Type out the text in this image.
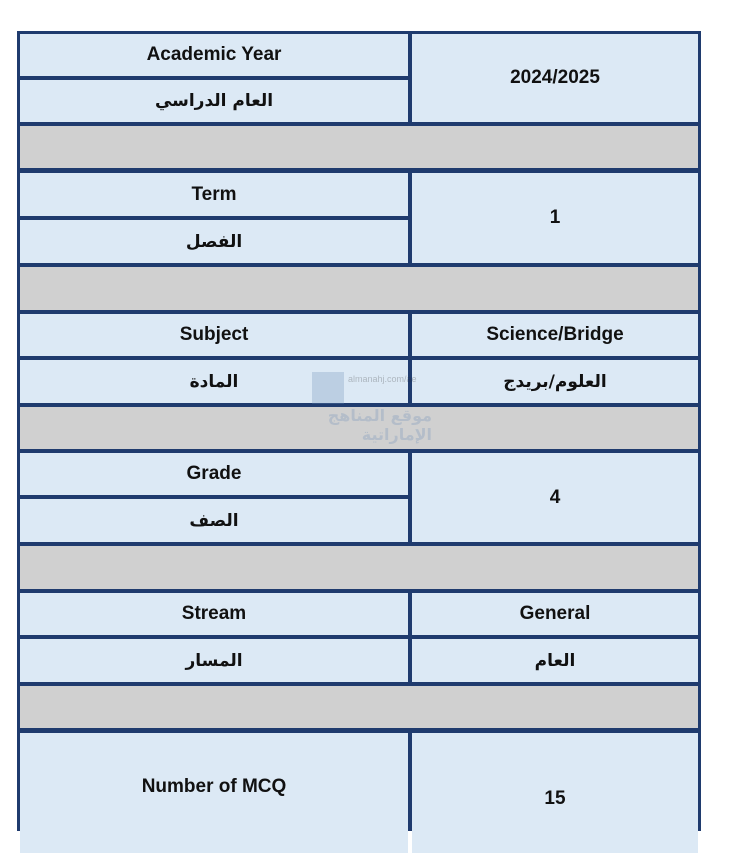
Academic Year
العام الدراسي
2024/2025
Term
الفصل
1
Subject
المادة
Science/Bridge
العلوم/بريدج
Grade
الصف
4
Stream
المسار
General
العام
Number of MCQ
15
almanahj.com/ae
موقع المناهج الإماراتية
